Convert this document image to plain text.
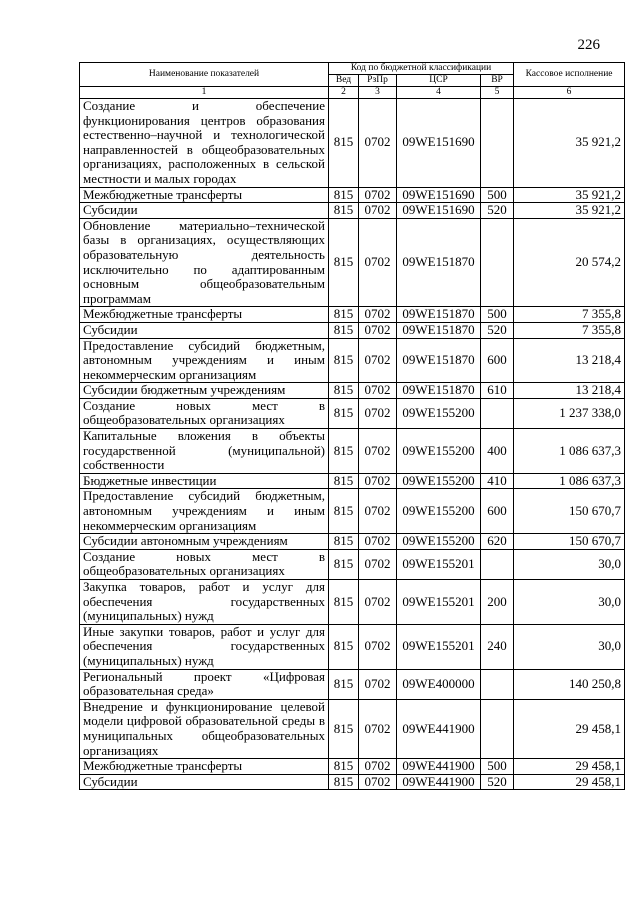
226
Наименование показателей	Код по бюджетной классификации				Кассовое исполнение
	Вед	РзПр	ЦСР	ВР	
1	2	3	4	5	6
Создание и обеспечение функционирования центров образования естественно–научной и технологической направленностей в общеобразовательных организациях, расположенных в сельской местности и малых городах	815	0702	09WE151690		35 921,2
Межбюджетные трансферты	815	0702	09WE151690	500	35 921,2
Субсидии	815	0702	09WE151690	520	35 921,2
Обновление материально–технической базы в организациях, осуществляющих образовательную деятельность исключительно по адаптированным основным общеобразовательным программам	815	0702	09WE151870		20 574,2
Межбюджетные трансферты	815	0702	09WE151870	500	7 355,8
Субсидии	815	0702	09WE151870	520	7 355,8
Предоставление субсидий бюджетным, автономным учреждениям и иным некоммерческим организациям	815	0702	09WE151870	600	13 218,4
Субсидии бюджетным учреждениям	815	0702	09WE151870	610	13 218,4
Создание новых мест в общеобразовательных организациях	815	0702	09WE155200		1 237 338,0
Капитальные вложения в объекты государственной (муниципальной) собственности	815	0702	09WE155200	400	1 086 637,3
Бюджетные инвестиции	815	0702	09WE155200	410	1 086 637,3
Предоставление субсидий бюджетным, автономным учреждениям и иным некоммерческим организациям	815	0702	09WE155200	600	150 670,7
Субсидии автономным учреждениям	815	0702	09WE155200	620	150 670,7
Создание новых мест в общеобразовательных организациях	815	0702	09WE155201		30,0
Закупка товаров, работ и услуг для обеспечения государственных (муниципальных) нужд	815	0702	09WE155201	200	30,0
Иные закупки товаров, работ и услуг для обеспечения государственных (муниципальных) нужд	815	0702	09WE155201	240	30,0
Региональный проект «Цифровая образовательная среда»	815	0702	09WE400000		140 250,8
Внедрение и функционирование целевой модели цифровой образовательной среды в муниципальных общеобразовательных организациях	815	0702	09WE441900		29 458,1
Межбюджетные трансферты	815	0702	09WE441900	500	29 458,1
Субсидии	815	0702	09WE441900	520	29 458,1
